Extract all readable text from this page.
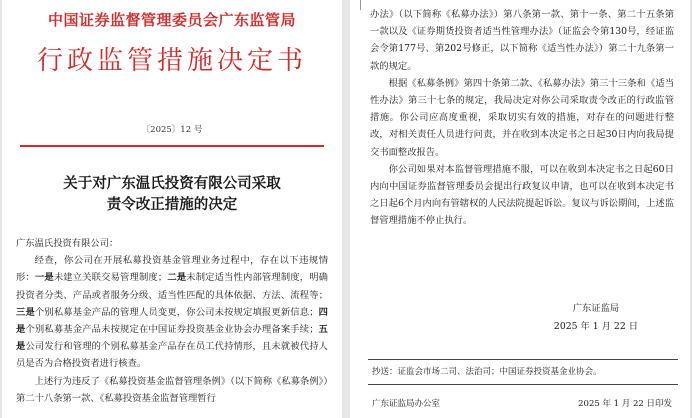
中国证券监督管理委员会广东监管局
行政监管措施决定书
〔2025〕12 号
关于对广东温氏投资有限公司采取
责令改正措施的决定

广东温氏投资有限公司：

经查，你公司在开展私募投资基金管理业务过程中，存在以下违规情形：一是未建立关联交易管理制度；二是未制定适当性内部管理制度，明确投资者分类、产品或者服务分级、适当性匹配的具体依据、方法、流程等；三是个别私募基金产品的管理人员变更，你公司未按规定填报更新信息；四是个别私募基金产品未按规定在中国证券投资基金业协会办理备案手续；五是公司发行和管理的个别私募基金产品存在员工代持情形，且未就被代持人员是否为合格投资者进行核查。

上述行为违反了《私募投资基金监督管理条例》（以下简称《私募条例》）第二十八条第一款、《私募投资基金监督管理暂行

办法》（以下简称《私募办法》）第八条第一款、第十一条、第二十五条第一款以及《证券期货投资者适当性管理办法》（证监会令第130号，经证监会令第177号、第202号修正，以下简称《适当性办法》）第二十九条第一款的规定。

根据《私募条例》第四十条第二款、《私募办法》第三十三条和《适当性办法》第三十七条的规定，我局决定对你公司采取责令改正的行政监管措施。你公司应高度重视，采取切实有效的措施，对存在的问题进行整改，对相关责任人员进行问责，并在收到本决定书之日起30日内向我局提交书面整改报告。

你公司如果对本监督管理措施不服，可以在收到本决定书之日起60日内向中国证券监督管理委员会提出行政复议申请，也可以在收到本决定书之日起6个月内向有管辖权的人民法院提起诉讼。复议与诉讼期间，上述监督管理措施不停止执行。

广东证监局
2025 年 1 月 22 日
抄送：证监会市场二司、法治司；中国证券投资基金业协会。
广东证监局办公室	2025 年 1 月 22 日印发
